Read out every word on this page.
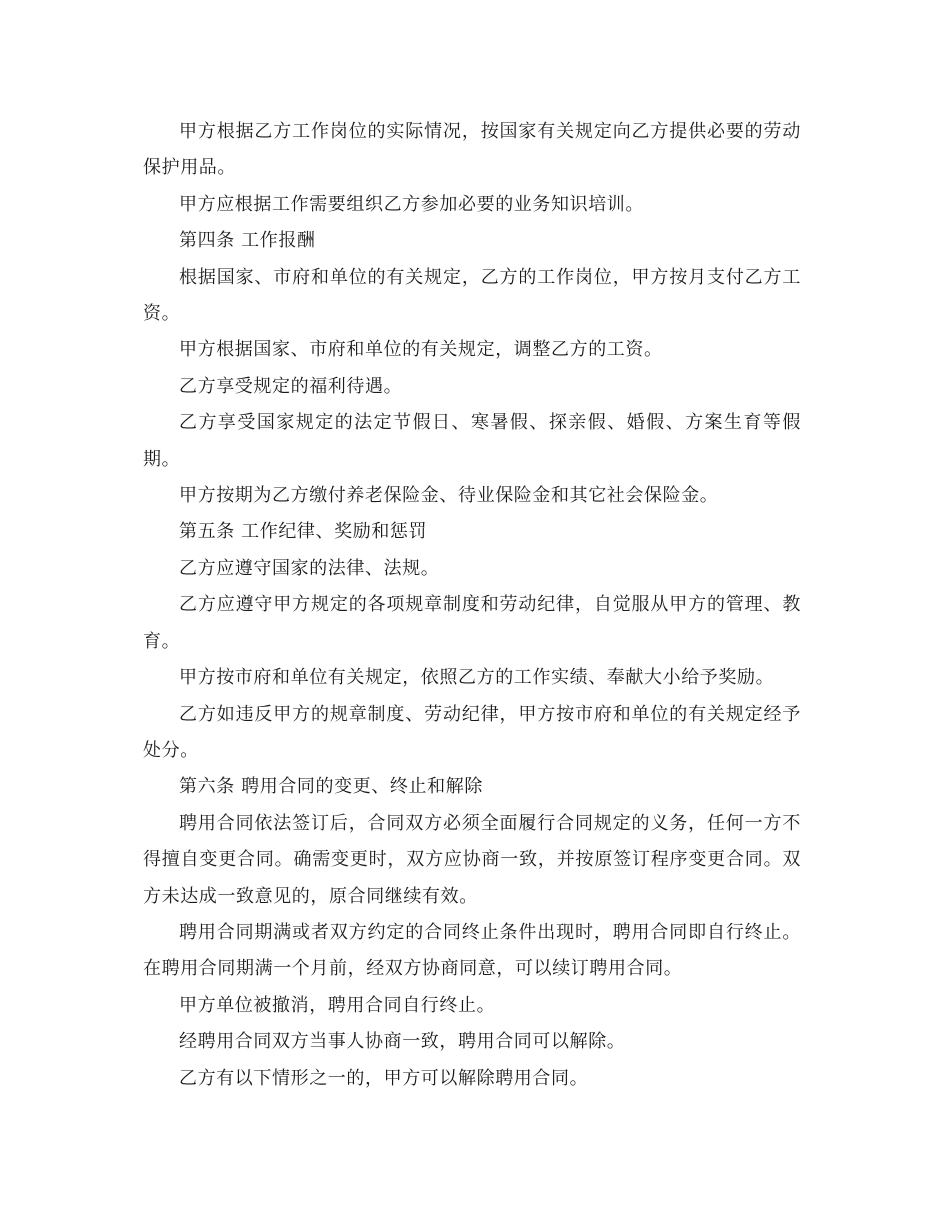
甲方根据乙方工作岗位的实际情况，按国家有关规定向乙方提供必要的劳动保护用品。

甲方应根据工作需要组织乙方参加必要的业务知识培训。

第四条 工作报酬

根据国家、市府和单位的有关规定，乙方的工作岗位，甲方按月支付乙方工资。

甲方根据国家、市府和单位的有关规定，调整乙方的工资。

乙方享受规定的福利待遇。

乙方享受国家规定的法定节假日、寒暑假、探亲假、婚假、方案生育等假期。

甲方按期为乙方缴付养老保险金、待业保险金和其它社会保险金。

第五条 工作纪律、奖励和惩罚

乙方应遵守国家的法律、法规。

乙方应遵守甲方规定的各项规章制度和劳动纪律，自觉服从甲方的管理、教育。

甲方按市府和单位有关规定，依照乙方的工作实绩、奉献大小给予奖励。

乙方如违反甲方的规章制度、劳动纪律，甲方按市府和单位的有关规定经予处分。

第六条 聘用合同的变更、终止和解除

聘用合同依法签订后，合同双方必须全面履行合同规定的义务，任何一方不得擅自变更合同。确需变更时，双方应协商一致，并按原签订程序变更合同。双方未达成一致意见的，原合同继续有效。

聘用合同期满或者双方约定的合同终止条件出现时，聘用合同即自行终止。在聘用合同期满一个月前，经双方协商同意，可以续订聘用合同。

甲方单位被撤消，聘用合同自行终止。

经聘用合同双方当事人协商一致，聘用合同可以解除。

乙方有以下情形之一的，甲方可以解除聘用合同。
